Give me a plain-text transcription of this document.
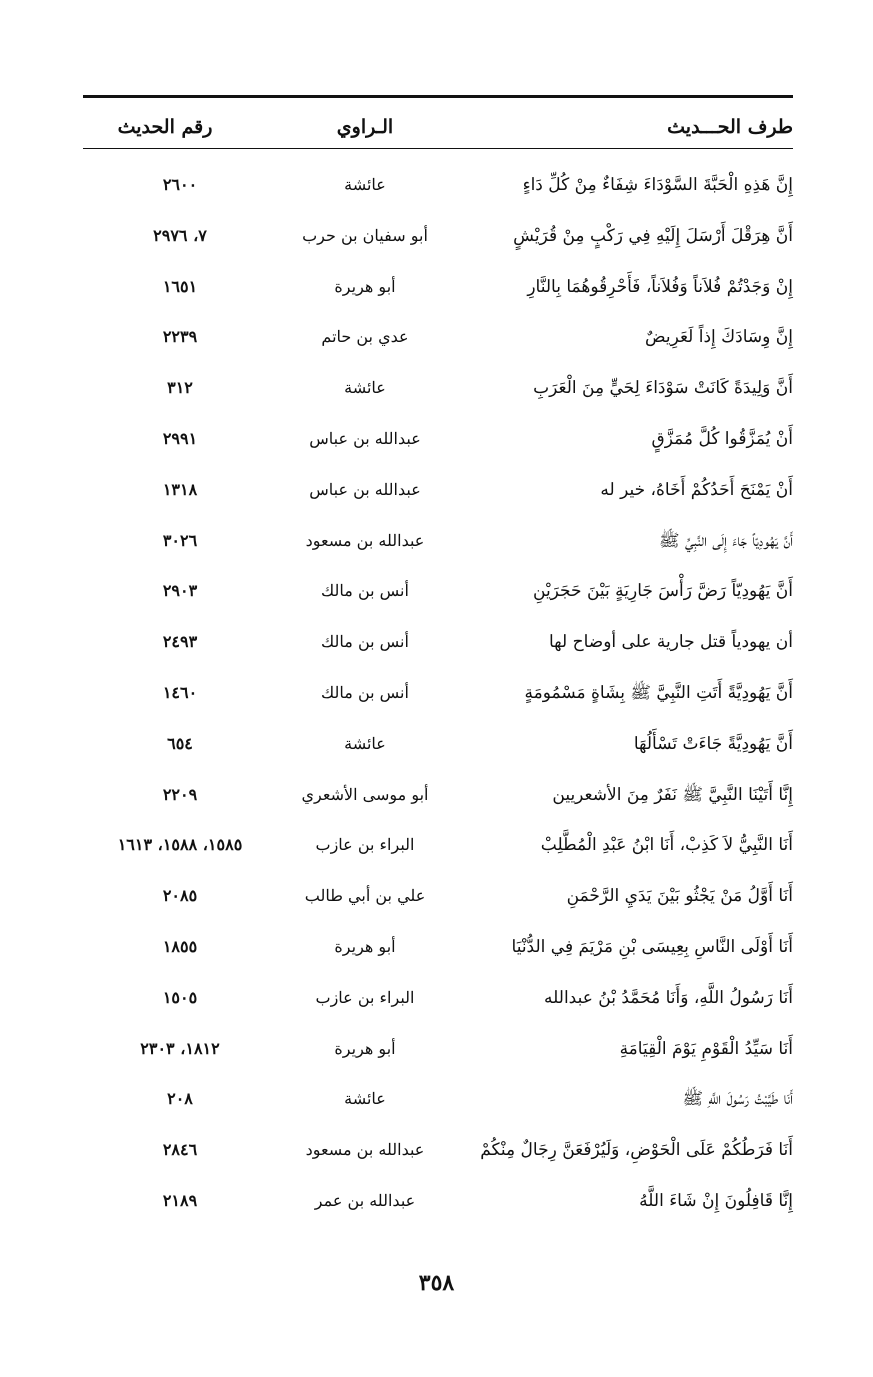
طرف الحـــديث
الـراوي
رقم الحديث
إِنَّ هَذِهِ الْحَبَّةَ السَّوْدَاءَ شِفَاءٌ مِنْ كُلِّ دَاءٍ
عائشة
٢٦٠٠
أَنَّ هِرَقْلَ أَرْسَلَ إِلَيْهِ فِي رَكْبٍ مِنْ قُرَيْشٍ
أبو سفيان بن حرب
٧، ٢٩٧٦
إِنْ وَجَدْتُمْ فُلاَناً وَفُلاَناً، فَأَحْرِقُوهُمَا بِالنَّارِ
أبو هريرة
١٦٥١
إِنَّ وِسَادَكَ إِذاً لَعَرِيضٌ
عدي بن حاتم
٢٢٣٩
أَنَّ وَلِيدَةً كَانَتْ سَوْدَاءَ لِحَيٍّ مِنَ الْعَرَبِ
عائشة
٣١٢
أَنْ يُمَزَّقُوا كُلَّ مُمَزَّقٍ
عبدالله بن عباس
٢٩٩١
أَنْ يَمْنَحَ أَحَدُكُمْ أَخَاهُ، خير له
عبدالله بن عباس
١٣١٨
أَنَّ يَهُودِيّاً جَاءَ إِلَى النَّبِيِّ ﷺ
عبدالله بن مسعود
٣٠٢٦
أَنَّ يَهُودِيّاً رَضَّ رَأْسَ جَارِيَةٍ بَيْنَ حَجَرَيْنِ
أنس بن مالك
٢٩٠٣
أن يهودياً قتل جارية على أوضاح لها
أنس بن مالك
٢٤٩٣
أَنَّ يَهُودِيَّةً أَتَتِ النَّبِيَّ ﷺ بِشَاةٍ مَسْمُومَةٍ
أنس بن مالك
١٤٦٠
أَنَّ يَهُودِيَّةً جَاءَتْ تَسْأَلُهَا
عائشة
٦٥٤
إِنَّا أَتَيْنَا النَّبِيَّ ﷺ نَفَرٌ مِنَ الأشعريين
أبو موسى الأشعري
٢٢٠٩
أَنَا النَّبِيُّ لاَ كَذِبْ، أَنَا ابْنُ عَبْدِ الْمُطَّلِبْ
البراء بن عازب
١٥٨٥، ١٥٨٨، ١٦١٣
أَنَا أَوَّلُ مَنْ يَجْثُو بَيْنَ يَدَيِ الرَّحْمَنِ
علي بن أبي طالب
٢٠٨٥
أَنَا أَوْلَى النَّاسِ بِعِيسَى بْنِ مَرْيَمَ فِي الدُّنْيَا
أبو هريرة
١٨٥٥
أَنَا رَسُولُ اللَّهِ، وَأَنَا مُحَمَّدُ بْنُ عبدالله
البراء بن عازب
١٥٠٥
أَنَا سَيِّدُ الْقَوْمِ يَوْمَ الْقِيَامَةِ
أبو هريرة
١٨١٢، ٢٣٠٣
أَنَا طَيَّبْتُ رَسُولَ اللَّهِ ﷺ
عائشة
٢٠٨
أَنَا فَرَطُكُمْ عَلَى الْحَوْضِ، وَلَيُرْفَعَنَّ رِجَالٌ مِنْكُمْ
عبدالله بن مسعود
٢٨٤٦
إِنَّا قَافِلُونَ إِنْ شَاءَ اللَّهُ
عبدالله بن عمر
٢١٨٩
٣٥٨
